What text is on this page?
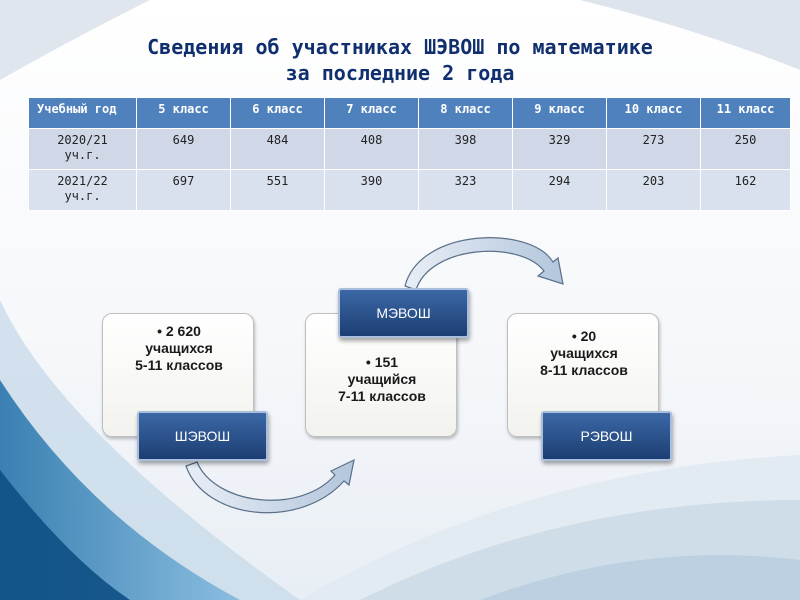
Сведения об участниках ШЭВОШ по математике
за последние 2 года
Учебный год	5 класс	6 класс	7 класс	8 класс	9 класс	10 класс	11 класс

2020/21
уч.г.	649	484	408	398	329	273	250

2021/22
уч.г.	697	551	390	323	294	203	162
• 2 620
учащихся
5-11 классов
ШЭВОШ
• 151
учащийся
7-11 классов
МЭВОШ
• 20
учащихся
8-11 классов
РЭВОШ
